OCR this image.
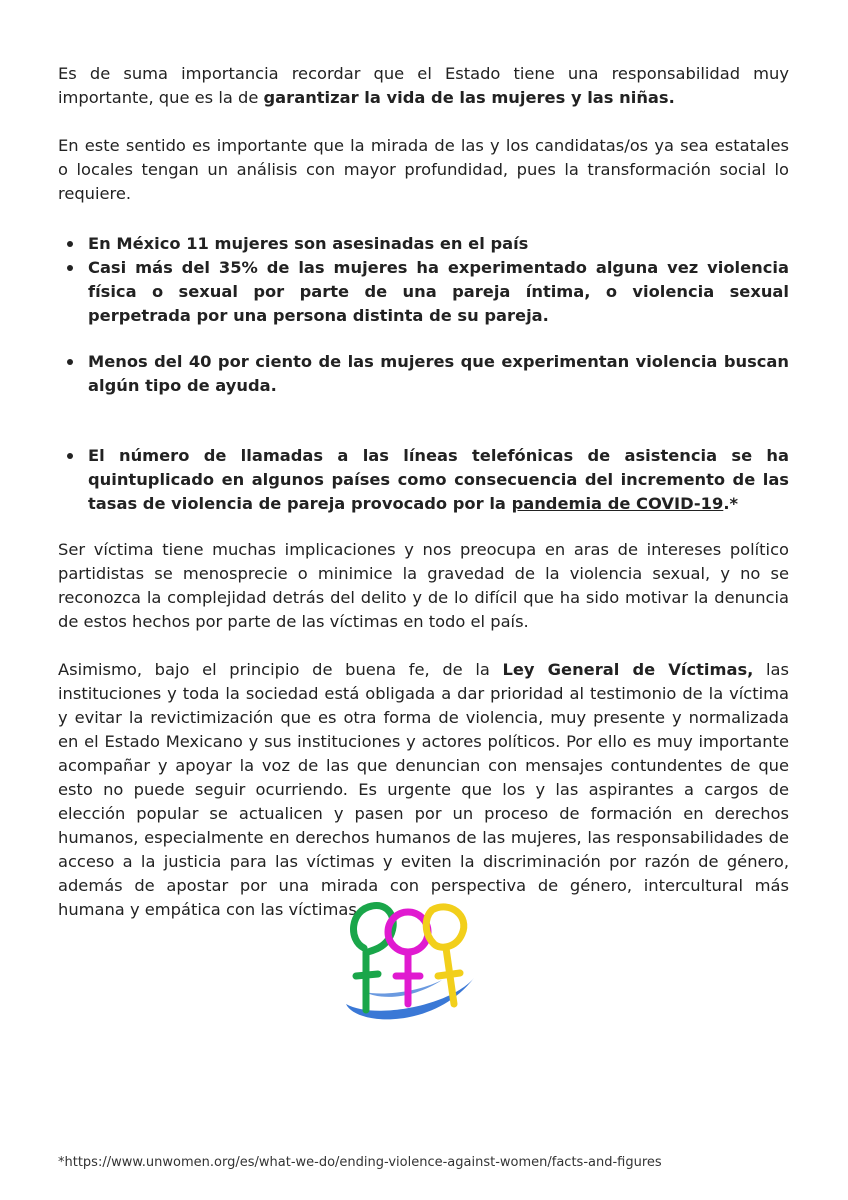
Es de suma importancia recordar que el Estado tiene una responsabilidad muy importante, que es la de garantizar la vida de las mujeres y las niñas.

En este sentido es importante que la mirada de las y los candidatas/os ya sea estatales o locales tengan un análisis con mayor profundidad, pues la transformación social lo requiere.

En México 11 mujeres son asesinadas en el país
Casi más del 35% de las mujeres ha experimentado alguna vez violencia física o sexual por parte de una pareja íntima, o violencia sexual perpetrada por una persona distinta de su pareja.
Menos del 40 por ciento de las mujeres que experimentan violencia buscan algún tipo de ayuda.
El número de llamadas a las líneas telefónicas de asistencia se ha quintuplicado en algunos países como consecuencia del incremento de las tasas de violencia de pareja provocado por la pandemia de COVID-19.*

Ser víctima tiene muchas implicaciones y nos preocupa en aras de intereses político partidistas se menosprecie o minimice la gravedad de la violencia sexual, y no se reconozca la complejidad detrás del delito y de lo difícil que ha sido motivar la denuncia de estos hechos por parte de las víctimas en todo el país.

Asimismo, bajo el principio de buena fe, de la Ley General de Víctimas, las instituciones y toda la sociedad está obligada a dar prioridad al testimonio de la víctima y evitar la revictimización que es otra forma de violencia, muy presente y normalizada en el Estado Mexicano y sus instituciones y actores políticos. Por ello es muy importante acompañar y apoyar la voz de las que denuncian con mensajes contundentes de que esto no puede seguir ocurriendo. Es urgente que los y las aspirantes a cargos de elección popular se actualicen y pasen por un proceso de formación en derechos humanos, especialmente en derechos humanos de las mujeres, las responsabilidades de acceso a la justicia para las víctimas y eviten la discriminación por razón de género, además de apostar por una mirada con perspectiva de género, intercultural más humana y empática con las víctimas.

*https://www.unwomen.org/es/what-we-do/ending-violence-against-women/facts-and-figures
